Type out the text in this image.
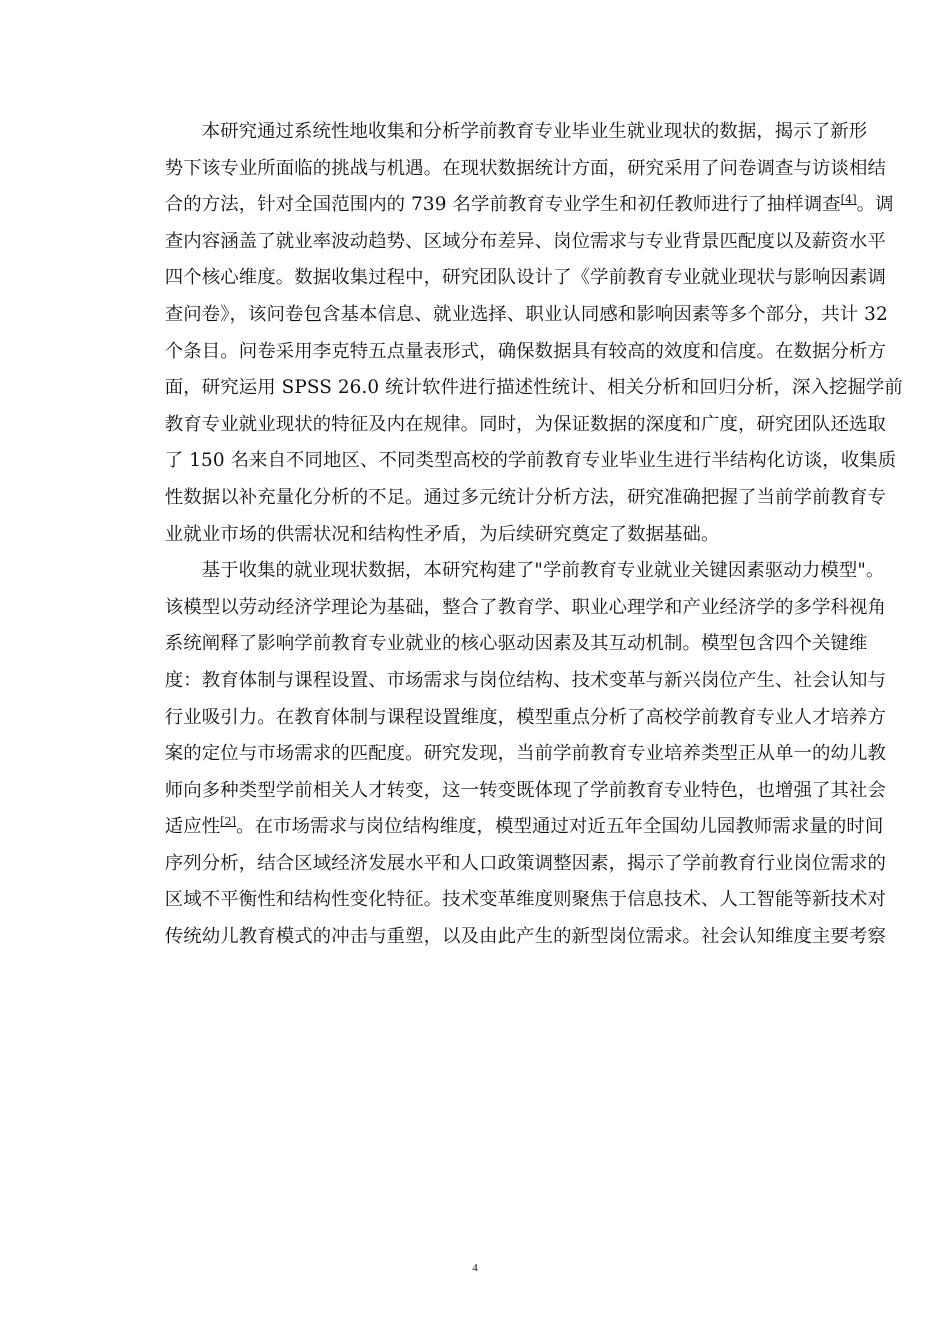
本研究通过系统性地收集和分析学前教育专业毕业生就业现状的数据，揭示了新形
势下该专业所面临的挑战与机遇。在现状数据统计方面，研究采用了问卷调查与访谈相结
合的方法，针对全国范围内的 739 名学前教育专业学生和初任教师进行了抽样调查[4]。调
查内容涵盖了就业率波动趋势、区域分布差异、岗位需求与专业背景匹配度以及薪资水平
四个核心维度。数据收集过程中，研究团队设计了《学前教育专业就业现状与影响因素调
查问卷》，该问卷包含基本信息、就业选择、职业认同感和影响因素等多个部分，共计 32
个条目。问卷采用李克特五点量表形式，确保数据具有较高的效度和信度。在数据分析方
面，研究运用 SPSS 26.0 统计软件进行描述性统计、相关分析和回归分析，深入挖掘学前
教育专业就业现状的特征及内在规律。同时，为保证数据的深度和广度，研究团队还选取
了 150 名来自不同地区、不同类型高校的学前教育专业毕业生进行半结构化访谈，收集质
性数据以补充量化分析的不足。通过多元统计分析方法，研究准确把握了当前学前教育专
业就业市场的供需状况和结构性矛盾，为后续研究奠定了数据基础。
基于收集的就业现状数据，本研究构建了"学前教育专业就业关键因素驱动力模型"。
该模型以劳动经济学理论为基础，整合了教育学、职业心理学和产业经济学的多学科视角
系统阐释了影响学前教育专业就业的核心驱动因素及其互动机制。模型包含四个关键维
度：教育体制与课程设置、市场需求与岗位结构、技术变革与新兴岗位产生、社会认知与
行业吸引力。在教育体制与课程设置维度，模型重点分析了高校学前教育专业人才培养方
案的定位与市场需求的匹配度。研究发现，当前学前教育专业培养类型正从单一的幼儿教
师向多种类型学前相关人才转变，这一转变既体现了学前教育专业特色，也增强了其社会
适应性[2]。在市场需求与岗位结构维度，模型通过对近五年全国幼儿园教师需求量的时间
序列分析，结合区域经济发展水平和人口政策调整因素，揭示了学前教育行业岗位需求的
区域不平衡性和结构性变化特征。技术变革维度则聚焦于信息技术、人工智能等新技术对
传统幼儿教育模式的冲击与重塑，以及由此产生的新型岗位需求。社会认知维度主要考察
4
